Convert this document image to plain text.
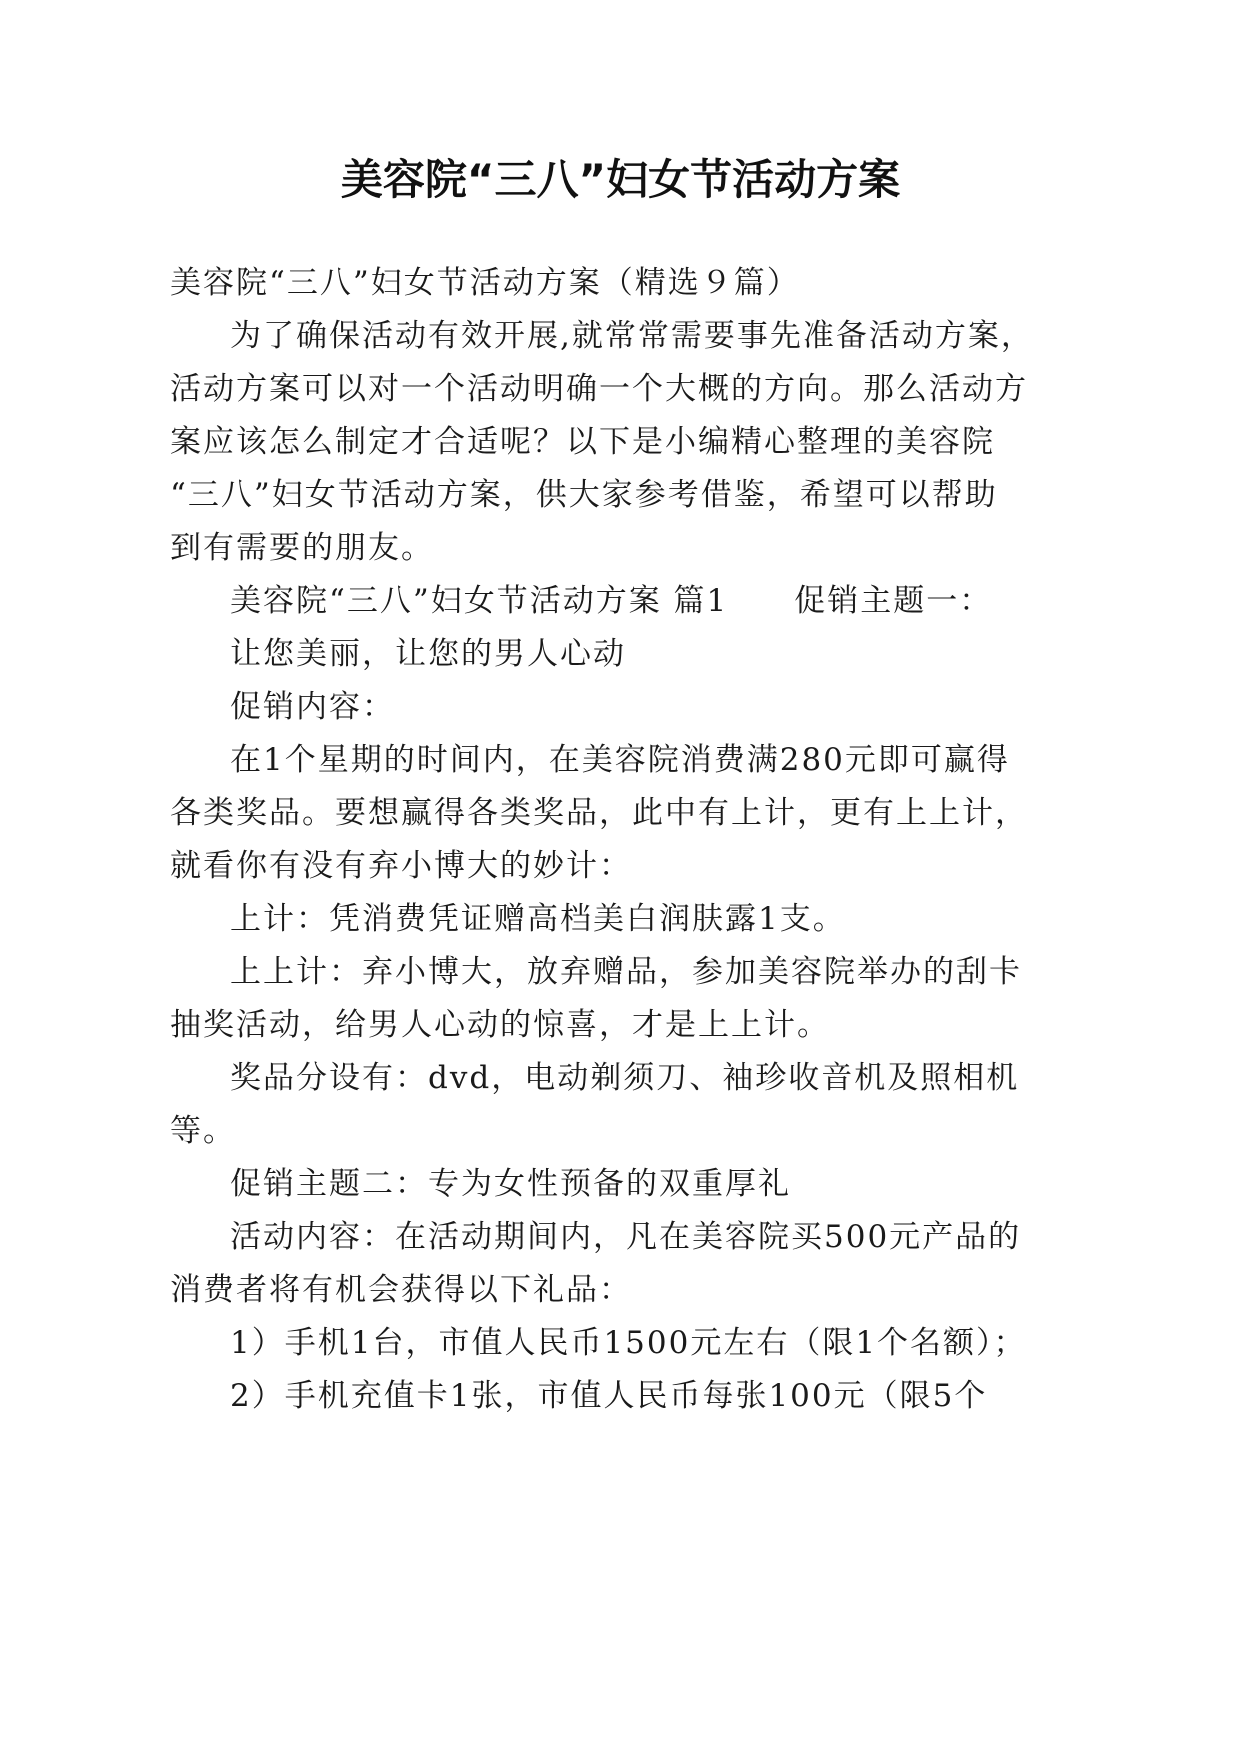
美容院“三八”妇女节活动方案
美容院“三八”妇女节活动方案（精选９篇）
为了确保活动有效开展,就常常需要事先准备活动方案，
活动方案可以对一个活动明确一个大概的方向。那么活动方
案应该怎么制定才合适呢？以下是小编精心整理的美容院
“三八”妇女节活动方案，供大家参考借鉴，希望可以帮助
到有需要的朋友。
美容院“三八”妇女节活动方案 篇1　　促销主题一：
让您美丽，让您的男人心动
促销内容：
在1个星期的时间内，在美容院消费满280元即可赢得
各类奖品。要想赢得各类奖品，此中有上计，更有上上计，
就看你有没有弃小博大的妙计：
上计：凭消费凭证赠高档美白润肤露1支。
上上计：弃小博大，放弃赠品，参加美容院举办的刮卡
抽奖活动，给男人心动的惊喜，才是上上计。
奖品分设有：dvd，电动剃须刀、袖珍收音机及照相机
等。
促销主题二：专为女性预备的双重厚礼
活动内容：在活动期间内，凡在美容院买500元产品的
消费者将有机会获得以下礼品：
1）手机1台，市值人民币1500元左右（限1个名额）；
2）手机充值卡1张，市值人民币每张100元（限5个
